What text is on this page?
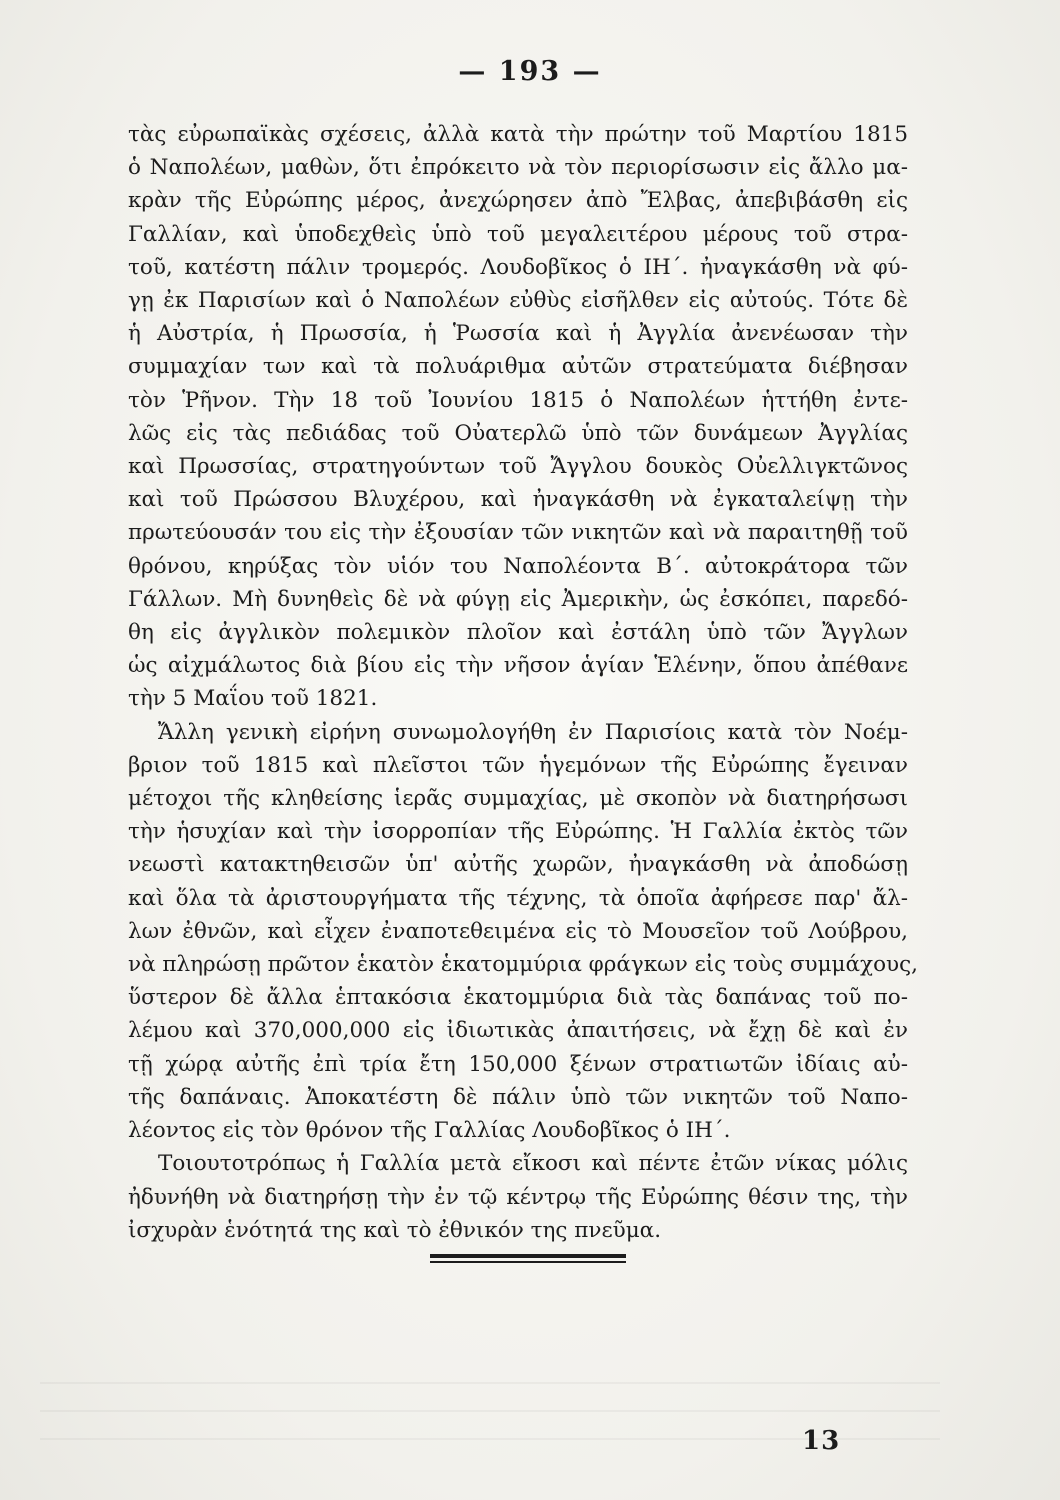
— 193 —
τὰς εὐρωπαϊκὰς σχέσεις, ἀλλὰ κατὰ τὴν πρώτην τοῦ Μαρτίου 1815
ὁ Ναπολέων, μαθὼν, ὅτι ἐπρόκειτο νὰ τὸν περιορίσωσιν εἰς ἄλλο μα-
κρὰν τῆς Εὐρώπης μέρος, ἀνεχώρησεν ἀπὸ Ἔλβας, ἀπεβιβάσθη εἰς
Γαλλίαν, καὶ ὑποδεχθεὶς ὑπὸ τοῦ μεγαλειτέρου μέρους τοῦ στρα-
τοῦ, κατέστη πάλιν τρομερός. Λουδοβῖκος ὁ ΙΗ΄. ἠναγκάσθη νὰ φύ-
γῃ ἐκ Παρισίων καὶ ὁ Ναπολέων εὐθὺς εἰσῆλθεν εἰς αὐτούς. Τότε δὲ
ἡ Αὐστρία, ἡ Πρωσσία, ἡ Ῥωσσία καὶ ἡ Ἀγγλία ἀνενέωσαν τὴν
συμμαχίαν των καὶ τὰ πολυάριθμα αὐτῶν στρατεύματα διέβησαν
τὸν Ῥῆνον. Τὴν 18 τοῦ Ἰουνίου 1815 ὁ Ναπολέων ἡττήθη ἐντε-
λῶς εἰς τὰς πεδιάδας τοῦ Οὐατερλῶ ὑπὸ τῶν δυνάμεων Ἀγγλίας
καὶ Πρωσσίας, στρατηγούντων τοῦ Ἄγγλου δουκὸς Οὐελλιγκτῶνος
καὶ τοῦ Πρώσσου Βλυχέρου, καὶ ἠναγκάσθη νὰ ἐγκαταλείψῃ τὴν
πρωτεύουσάν του εἰς τὴν ἐξουσίαν τῶν νικητῶν καὶ νὰ παραιτηθῇ τοῦ
θρόνου, κηρύξας τὸν υἱόν του Ναπολέοντα Β΄. αὐτοκράτορα τῶν
Γάλλων. Μὴ δυνηθεὶς δὲ νὰ φύγῃ εἰς Ἀμερικὴν, ὡς ἐσκόπει, παρεδό-
θη εἰς ἀγγλικὸν πολεμικὸν πλοῖον καὶ ἐστάλη ὑπὸ τῶν Ἄγγλων
ὡς αἰχμάλωτος διὰ βίου εἰς τὴν νῆσον ἁγίαν Ἑλένην, ὅπου ἀπέθανε
τὴν 5 Μαΐου τοῦ 1821.
Ἄλλη γενικὴ εἰρήνη συνωμολογήθη ἐν Παρισίοις κατὰ τὸν Νοέμ-
βριον τοῦ 1815 καὶ πλεῖστοι τῶν ἡγεμόνων τῆς Εὐρώπης ἔγειναν
μέτοχοι τῆς κληθείσης ἱερᾶς συμμαχίας, μὲ σκοπὸν νὰ διατηρήσωσι
τὴν ἡσυχίαν καὶ τὴν ἰσορροπίαν τῆς Εὐρώπης. Ἡ Γαλλία ἐκτὸς τῶν
νεωστὶ κατακτηθεισῶν ὑπ' αὐτῆς χωρῶν, ἠναγκάσθη νὰ ἀποδώσῃ
καὶ ὅλα τὰ ἀριστουργήματα τῆς τέχνης, τὰ ὁποῖα ἀφήρεσε παρ' ἄλ-
λων ἐθνῶν, καὶ εἶχεν ἐναποτεθειμένα εἰς τὸ Μουσεῖον τοῦ Λούβρου,
νὰ πληρώσῃ πρῶτον ἑκατὸν ἑκατομμύρια φράγκων εἰς τοὺς συμμάχους,
ὕστερον δὲ ἄλλα ἑπτακόσια ἑκατομμύρια διὰ τὰς δαπάνας τοῦ πο-
λέμου καὶ 370,000,000 εἰς ἰδιωτικὰς ἀπαιτήσεις, νὰ ἔχῃ δὲ καὶ ἐν
τῇ χώρᾳ αὐτῆς ἐπὶ τρία ἔτη 150,000 ξένων στρατιωτῶν ἰδίαις αὐ-
τῆς δαπάναις. Ἀποκατέστη δὲ πάλιν ὑπὸ τῶν νικητῶν τοῦ Ναπο-
λέοντος εἰς τὸν θρόνον τῆς Γαλλίας Λουδοβῖκος ὁ ΙΗ΄.
Τοιουτοτρόπως ἡ Γαλλία μετὰ εἴκοσι καὶ πέντε ἐτῶν νίκας μόλις
ἠδυνήθη νὰ διατηρήσῃ τὴν ἐν τῷ κέντρῳ τῆς Εὐρώπης θέσιν της, τὴν
ἰσχυρὰν ἑνότητά της καὶ τὸ ἐθνικόν της πνεῦμα.
13
